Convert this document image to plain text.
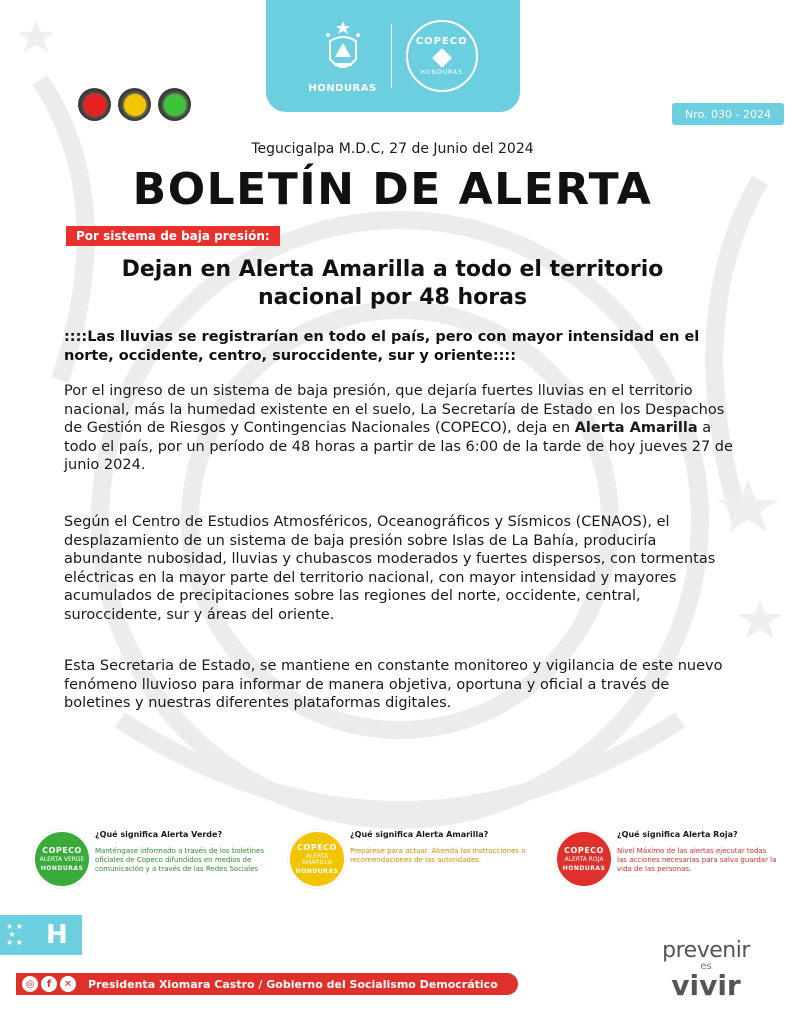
HONDURAS
COPECO
HONDURAS
Nro. 030 - 2024
Tegucigalpa M.D.C, 27 de Junio del 2024
BOLETÍN DE ALERTA
Por sistema de baja presión:
Dejan en Alerta Amarilla a todo el territorio
nacional por 48 horas
::::Las lluvias se registrarían en todo el país, pero con mayor intensidad en el norte, occidente, centro, suroccidente, sur y oriente::::
Por el ingreso de un sistema de baja presión, que dejaría fuertes lluvias en el territorio nacional, más la humedad existente en el suelo, La Secretaría de Estado en los Despachos de Gestión de Riesgos y Contingencias Nacionales (COPECO), deja en Alerta Amarilla a todo el país, por un período de 48 horas a partir de las 6:00 de la tarde de hoy jueves 27 de junio 2024.
Según el Centro de Estudios Atmosféricos, Oceanográficos y Sísmicos (CENAOS), el desplazamiento de un sistema de baja presión sobre Islas de La Bahía, produciría abundante nubosidad, lluvias y chubascos moderados y fuertes dispersos, con tormentas eléctricas en la mayor parte del territorio nacional, con mayor intensidad y mayores acumulados de precipitaciones sobre las regiones del norte, occidente, central, suroccidente, sur y áreas del oriente.
Esta Secretaria de Estado, se mantiene en constante monitoreo y vigilancia de este nuevo fenómeno lluvioso para informar de manera objetiva, oportuna y oficial a través de boletines y nuestras diferentes plataformas digitales.
COPECO
ALERTA VERDE
HONDURAS
¿Qué significa Alerta Verde?
Manténgase informado a través de los boletines oficiales de Copeco difundidos en medios de comunicación y a través de las Redes Sociales
COPECO
ALERTA AMARILLA
HONDURAS
¿Qué significa Alerta Amarilla?
Prepárese para actuar. Atienda las instrucciones o recomendaciones de las autoridades.
COPECO
ALERTA ROJA
HONDURAS
¿Qué significa Alerta Roja?
Nivel Máximo de las alertas ejecutar todas las acciones necesarias para salva guardar la vida de las personas.
★ ★
★
★ ★ H
◎	f	✕	Presidenta Xiomara Castro / Gobierno del Socialismo Democrático
prevenir
es
vivir
